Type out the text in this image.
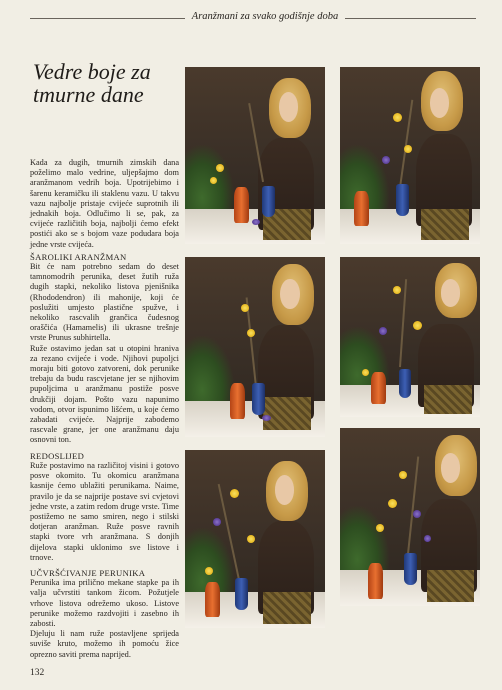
Aranžmani za svako godišnje doba
Vedre boje za tmurne dane

Kada za dugih, tmurnih zimskih dana poželimo malo vedrine, uljepšajmo dom aranžmanom vedrih boja. Upotrijebimo i šarenu keramičku ili staklenu vazu. U takvu vazu najbolje pristaje cvijeće suprotnih ili jednakih boja. Odlučimo li se, pak, za cvijeće različitih boja, najbolji ćemo efekt postići ako se s bojom vaze podudara boja jedne vrste cvijeća.

ŠAROLIKI ARANŽMAN

Bit će nam potrebno sedam do deset tamnomodrih perunika, deset žutih ruža dugih stapki, nekoliko listova pjenišnika (Rhododendron) ili mahonije, koji će poslužiti umjesto plastične spužve, i nekoliko rascvalih grančica čudesnog oraščića (Hamamelis) ili ukrasne trešnje vrste Prunus subhirtella.

Ruže ostavimo jedan sat u otopini hraniva za rezano cvijeće i vode. Njihovi pupoljci moraju biti gotovo zatvoreni, dok perunike trebaju da budu rascvjetane jer se njihovim pupoljcima u aranžmanu postiže posve drukčiji dojam. Pošto vazu napunimo vodom, otvor ispunimo lišćem, u koje ćemo zabadati cvijeće. Najprije zabodemo rascvale grane, jer one aranžmanu daju osnovni ton.

REDOSLIJED

Ruže postavimo na različitoj visini i gotovo posve okomito. Tu okomicu aranžmana kasnije ćemo ublažiti perunikama. Naime, pravilo je da se najprije postave svi cvjetovi jedne vrste, a zatim redom druge vrste. Time postižemo ne samo smiren, nego i stilski dotjeran aranžman. Ruže posve ravnih stapki tvore vrh aranžmana. S donjih dijelova stapki uklonimo sve listove i trnove.

UČVRŠĆIVANJE PERUNIKA

Perunika ima prilično mekane stapke pa ih valja učvrstiti tankom žicom. Požutjele vrhove listova odrežemo ukoso. Listove perunike možemo razdvojiti i zasebno ih zabosti.

Djeluju li nam ruže postavljene sprijeda suviše kruto, možemo ih pomoću žice oprezno saviti prema naprijed.

132
